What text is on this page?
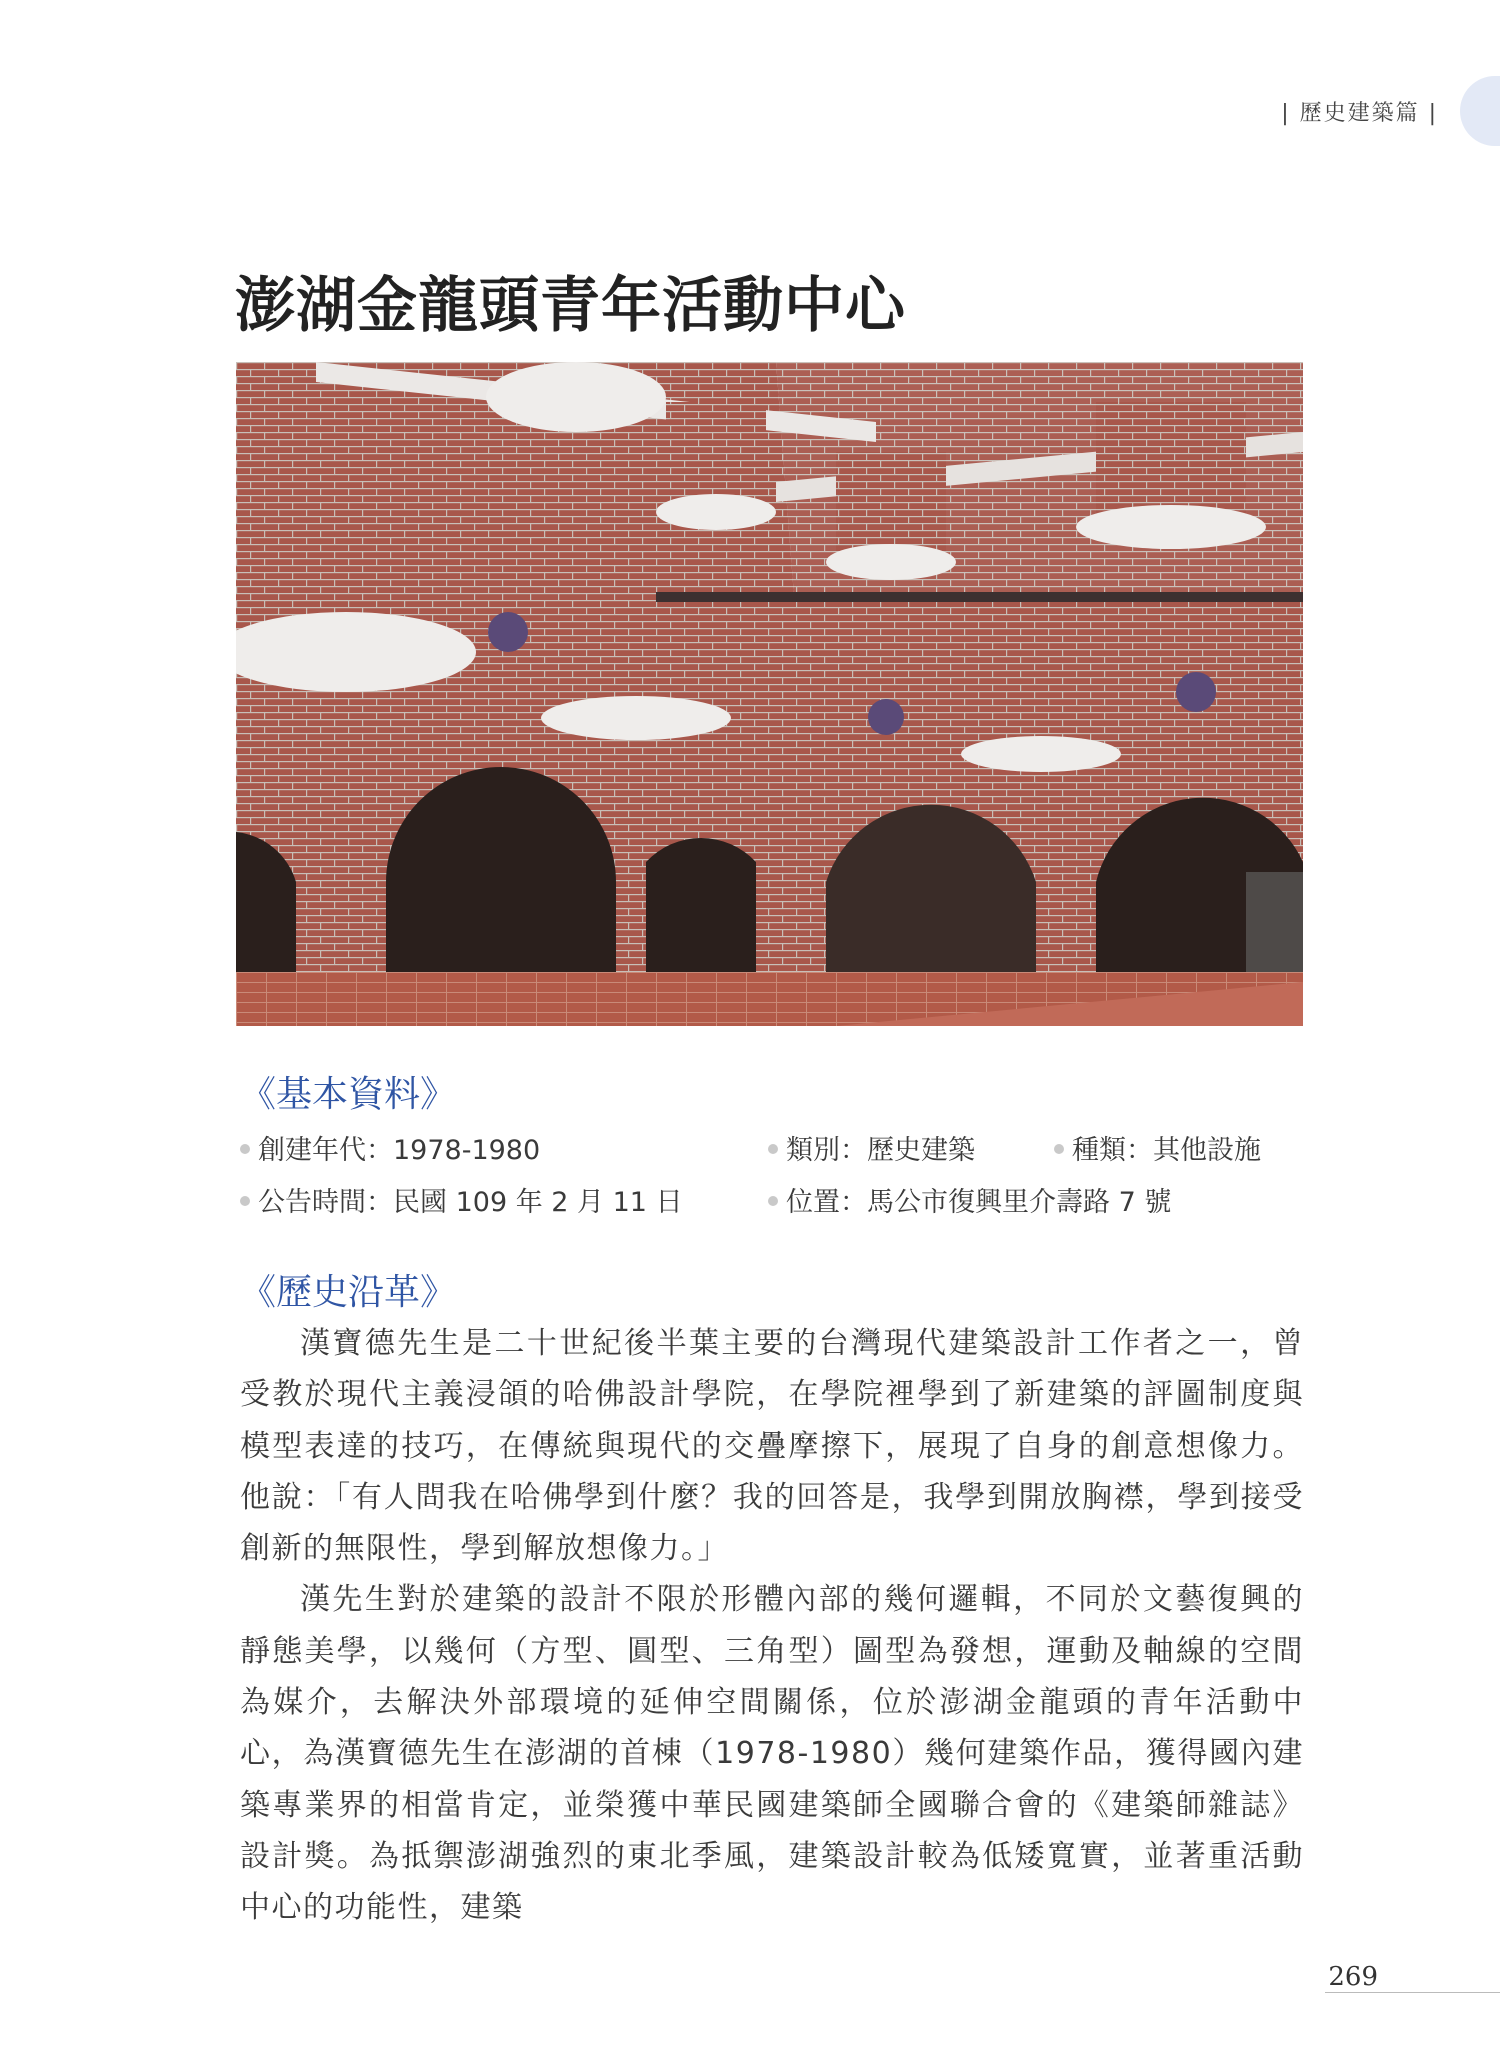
| 歷史建築篇 |
澎湖金龍頭青年活動中心
《基本資料》
創建年代：1978-1980	類別：歷史建築	種類：其他設施
公告時間：民國 109 年 2 月 11 日	位置：馬公市復興里介壽路 7 號
《歷史沿革》

漢寶德先生是二十世紀後半葉主要的台灣現代建築設計工作者之一，曾受教於現代主義浸頜的哈佛設計學院，在學院裡學到了新建築的評圖制度與模型表達的技巧，在傳統與現代的交疊摩擦下，展現了自身的創意想像力。他說：「有人問我在哈佛學到什麼？我的回答是，我學到開放胸襟，學到接受創新的無限性，學到解放想像力。」

漢先生對於建築的設計不限於形體內部的幾何邏輯，不同於文藝復興的靜態美學，以幾何（方型、圓型、三角型）圖型為發想，運動及軸線的空間為媒介，去解決外部環境的延伸空間關係，位於澎湖金龍頭的青年活動中心，為漢寶德先生在澎湖的首棟（1978-1980）幾何建築作品，獲得國內建築專業界的相當肯定，並榮獲中華民國建築師全國聯合會的《建築師雜誌》設計獎。為抵禦澎湖強烈的東北季風，建築設計較為低矮寬實，並著重活動中心的功能性，建築

269
